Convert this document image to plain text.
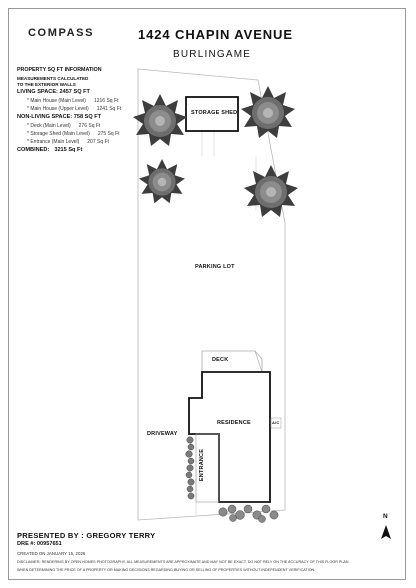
COMPASS	1424 CHAPIN AVENUE
BURLINGAME
PROPERTY SQ FT INFORMATION
MEASUREMENTS CALCULATED
TO THE EXTERIOR WALLS
LIVING SPACE: 2457 SQ FT
* Main House (Main Level) 1216 Sq Ft
* Main House (Upper Level) 1241 Sq Ft
NON-LIVING SPACE: 758 SQ FT
* Deck (Main Level) 276 Sq Ft
* Storage Shed (Main Level) 275 Sq Ft
* Entrance (Main Level) 207 Sq Ft
COMBINED: 3215 Sq Ft
STORAGE SHED
PARKING LOT
DECK
RESIDENCE
DRIVEWAY
ENTRANCE
A/C
N
PRESENTED BY : GREGORY TERRY
DRE #: 00957651
CREATED ON JANUARY 15, 2026
DISCLAIMER: RENDERING BY OPEN HOMES PHOTOGRAPHY. ALL MEASUREMENTS ARE APPROXIMATE AND MAY NOT BE EXACT. DO NOT RELY ON THE ACCURACY OF THIS FLOOR PLAN
WHEN DETERMINING THE PRICE OF A PROPERTY OR MAKING DECISIONS REGARDING BUYING OR SELLING OF PROPERTIES WITHOUT INDEPENDENT VERIFICATION.
